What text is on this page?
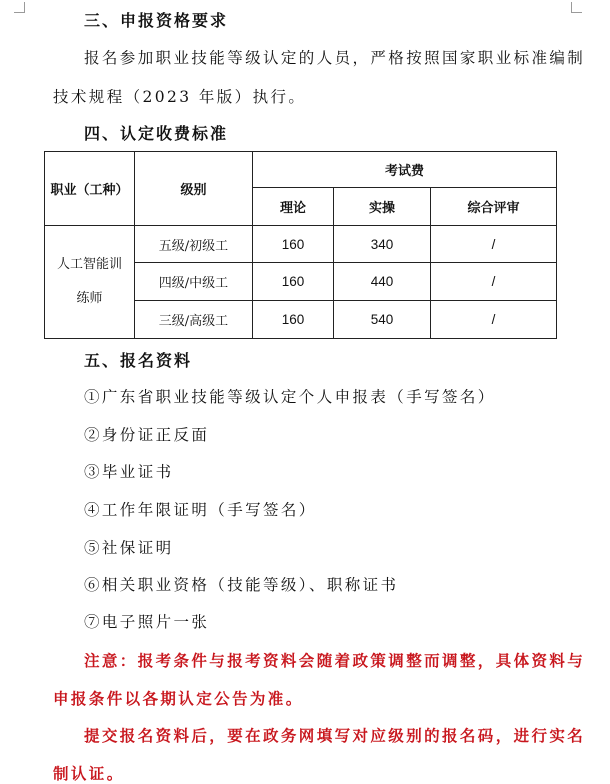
三、申报资格要求
报名参加职业技能等级认定的人员，严格按照国家职业标准编制
技术规程（2023 年版）执行。
四、认定收费标准
职业（工种）	级别	考试费		
		理论	实操	综合评审

人工智能训
练师	五级/初级工	160	340	/
	四级/中级工	160	440	/
	三级/高级工	160	540	/
五、报名资料
①广东省职业技能等级认定个人申报表（手写签名）
②身份证正反面
③毕业证书
④工作年限证明（手写签名）
⑤社保证明
⑥相关职业资格（技能等级）、职称证书
⑦电子照片一张
注意：报考条件与报考资料会随着政策调整而调整，具体资料与
申报条件以各期认定公告为准。
提交报名资料后，要在政务网填写对应级别的报名码，进行实名
制认证。
